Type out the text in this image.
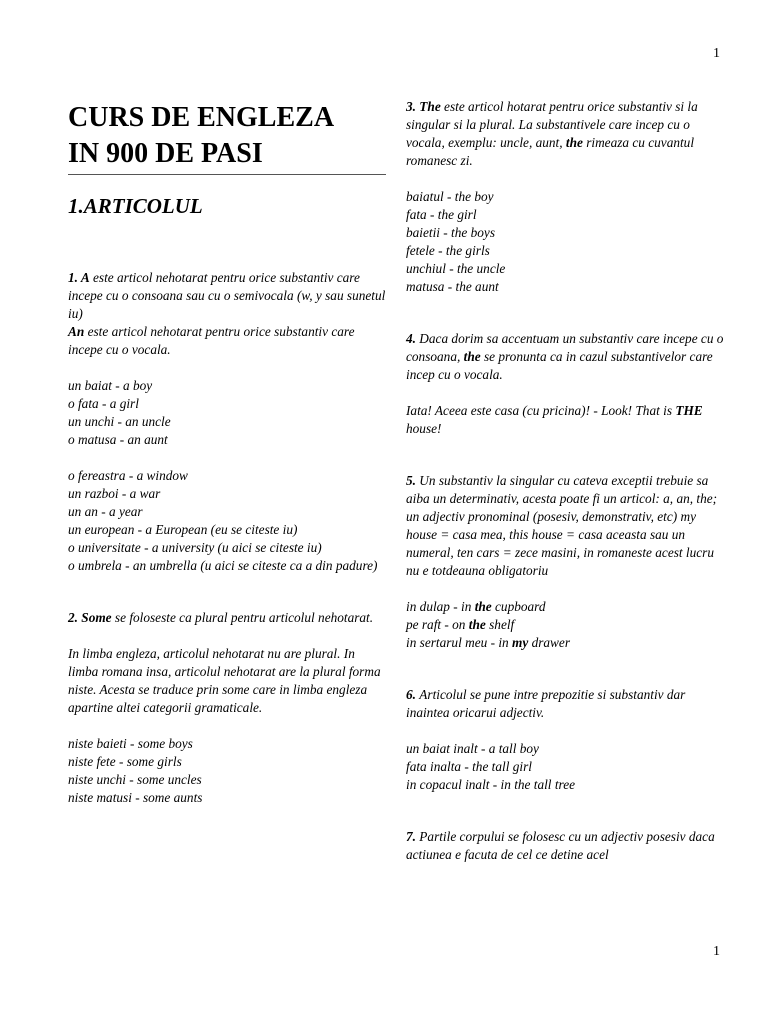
1
CURS DE ENGLEZA
IN 900 DE PASI
1.ARTICOLUL

1. A este articol nehotarat pentru orice substantiv care incepe cu o consoana sau cu o semivocala (w, y sau sunetul iu)

An este articol nehotarat pentru orice substantiv care incepe cu o vocala.

un baiat - a boy
o fata - a girl
un unchi - an uncle
o matusa - an aunt

o fereastra - a window
un razboi - a war
un an - a year
un european - a European (eu se citeste iu)
o universitate - a university (u aici se citeste iu)
o umbrela - an umbrella (u aici se citeste ca a din padure)

2. Some se foloseste ca plural pentru articolul nehotarat.

In limba engleza, articolul nehotarat nu are plural. In limba romana insa, articolul nehotarat are la plural forma niste. Acesta se traduce prin some care in limba engleza apartine altei categorii gramaticale.

niste baieti - some boys
niste fete - some girls
niste unchi - some uncles
niste matusi - some aunts

3. The este articol hotarat pentru orice substantiv si la singular si la plural. La substantivele care incep cu o vocala, exemplu: uncle, aunt, the rimeaza cu cuvantul romanesc zi.

baiatul - the boy
fata - the girl
baietii - the boys
fetele - the girls
unchiul - the uncle
matusa - the aunt

4. Daca dorim sa accentuam un substantiv care incepe cu o consoana, the se pronunta ca in cazul substantivelor care incep cu o vocala.

Iata! Aceea este casa (cu pricina)! - Look! That is THE house!

5. Un substantiv la singular cu cateva exceptii trebuie sa aiba un determinativ, acesta poate fi un articol: a, an, the; un adjectiv pronominal (posesiv, demonstrativ, etc) my house = casa mea, this house = casa aceasta sau un numeral, ten cars = zece masini, in romaneste acest lucru nu e totdeauna obligatoriu

in dulap - in the cupboard
pe raft - on the shelf
in sertarul meu - in my drawer

6. Articolul se pune intre prepozitie si substantiv dar inaintea oricarui adjectiv.

un baiat inalt - a tall boy
fata inalta - the tall girl
in copacul inalt - in the tall tree

7. Partile corpului se folosesc cu un adjectiv posesiv daca actiunea e facuta de cel ce detine acel

1
